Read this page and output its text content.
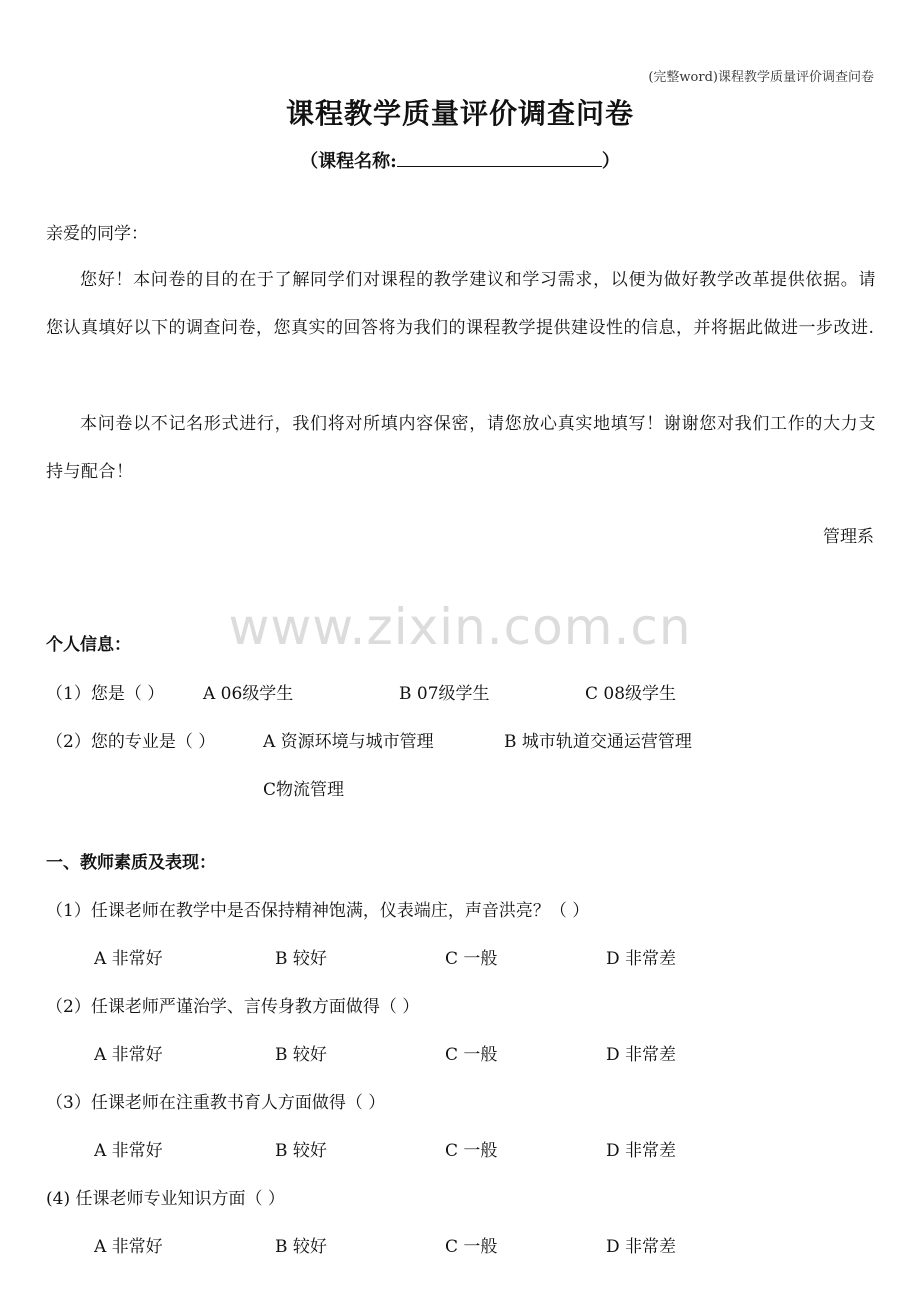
(完整word)课程教学质量评价调查问卷
课程教学质量评价调查问卷
（课程名称:	）
亲爱的同学：
您好！本问卷的目的在于了解同学们对课程的教学建议和学习需求，以便为做好教学改革提供依据。请您认真填好以下的调查问卷，您真实的回答将为我们的课程教学提供建设性的信息，并将据此做进一步改进.
本问卷以不记名形式进行，我们将对所填内容保密，请您放心真实地填写！谢谢您对我们工作的大力支持与配合！
管理系
www.zixin.com.cn
个人信息：
（1）您是（ ） A 06级学生	B 07级学生	C 08级学生
（2）您的专业是（ ）	A 资源环境与城市管理	B 城市轨道交通运营管理
C物流管理
一、教师素质及表现：
（1）任课老师在教学中是否保持精神饱满，仪表端庄，声音洪亮？（ ）
A 非常好	B 较好	C 一般	D 非常差
（2）任课老师严谨治学、言传身教方面做得（ ）
A 非常好	B 较好	C 一般	D 非常差
（3）任课老师在注重教书育人方面做得（ ）
A 非常好	B 较好	C 一般	D 非常差
(4) 任课老师专业知识方面（ ）
A 非常好	B 较好	C 一般	D 非常差
